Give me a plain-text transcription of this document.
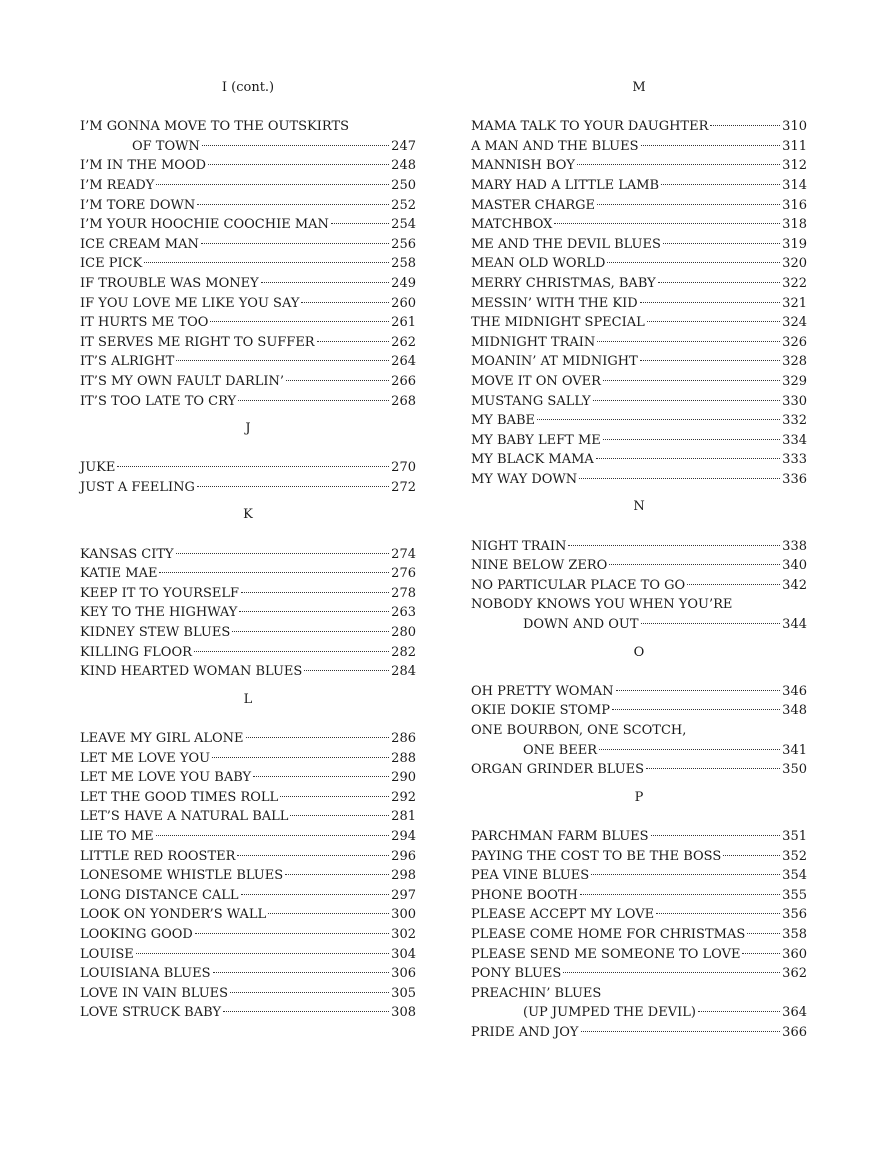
I (cont.)
I’M GONNA MOVE TO THE OUTSKIRTS
OF TOWN	247
I’M IN THE MOOD	248
I’M READY	250
I’M TORE DOWN	252
I’M YOUR HOOCHIE COOCHIE MAN	254
ICE CREAM MAN	256
ICE PICK	258
IF TROUBLE WAS MONEY	249
IF YOU LOVE ME LIKE YOU SAY	260
IT HURTS ME TOO	261
IT SERVES ME RIGHT TO SUFFER	262
IT’S ALRIGHT	264
IT’S MY OWN FAULT DARLIN’	266
IT’S TOO LATE TO CRY	268
J
JUKE	270
JUST A FEELING	272
K
KANSAS CITY	274
KATIE MAE	276
KEEP IT TO YOURSELF	278
KEY TO THE HIGHWAY	263
KIDNEY STEW BLUES	280
KILLING FLOOR	282
KIND HEARTED WOMAN BLUES	284
L
LEAVE MY GIRL ALONE	286
LET ME LOVE YOU	288
LET ME LOVE YOU BABY	290
LET THE GOOD TIMES ROLL	292
LET’S HAVE A NATURAL BALL	281
LIE TO ME	294
LITTLE RED ROOSTER	296
LONESOME WHISTLE BLUES	298
LONG DISTANCE CALL	297
LOOK ON YONDER’S WALL	300
LOOKING GOOD	302
LOUISE	304
LOUISIANA BLUES	306
LOVE IN VAIN BLUES	305
LOVE STRUCK BABY	308
M
MAMA TALK TO YOUR DAUGHTER	310
A MAN AND THE BLUES	311
MANNISH BOY	312
MARY HAD A LITTLE LAMB	314
MASTER CHARGE	316
MATCHBOX	318
ME AND THE DEVIL BLUES	319
MEAN OLD WORLD	320
MERRY CHRISTMAS, BABY	322
MESSIN’ WITH THE KID	321
THE MIDNIGHT SPECIAL	324
MIDNIGHT TRAIN	326
MOANIN’ AT MIDNIGHT	328
MOVE IT ON OVER	329
MUSTANG SALLY	330
MY BABE	332
MY BABY LEFT ME	334
MY BLACK MAMA	333
MY WAY DOWN	336
N
NIGHT TRAIN	338
NINE BELOW ZERO	340
NO PARTICULAR PLACE TO GO	342
NOBODY KNOWS YOU WHEN YOU’RE
DOWN AND OUT	344
O
OH PRETTY WOMAN	346
OKIE DOKIE STOMP	348
ONE BOURBON, ONE SCOTCH,
ONE BEER	341
ORGAN GRINDER BLUES	350
P
PARCHMAN FARM BLUES	351
PAYING THE COST TO BE THE BOSS	352
PEA VINE BLUES	354
PHONE BOOTH	355
PLEASE ACCEPT MY LOVE	356
PLEASE COME HOME FOR CHRISTMAS	358
PLEASE SEND ME SOMEONE TO LOVE	360
PONY BLUES	362
PREACHIN’ BLUES
(UP JUMPED THE DEVIL)	364
PRIDE AND JOY	366
